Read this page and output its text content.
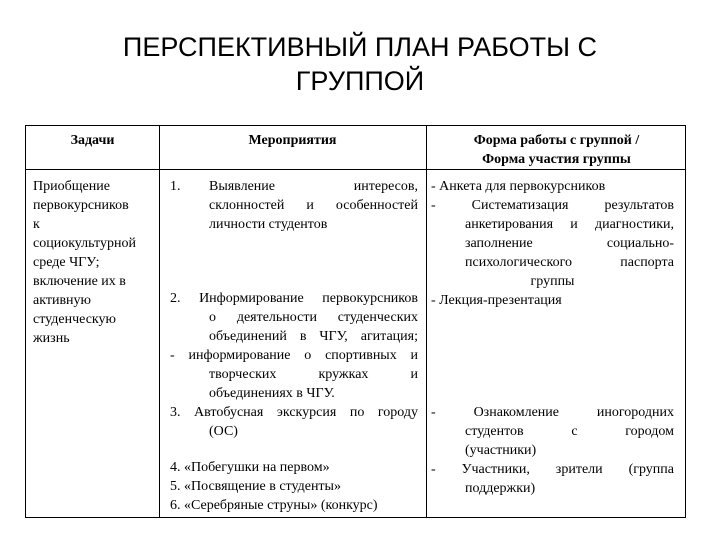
ПЕРСПЕКТИВНЫЙ ПЛАН РАБОТЫ С
ГРУППОЙ
Задачи	Мероприятия	Форма работы с группой /
Форма участия группы
Приобщение
первокурсников
к
социокультурной
среде ЧГУ;
включение их в
активную
студенческую
жизнь
1. Выявление интересов,
склонностей и особенностей
личности студентов
2. Информирование первокурсников
о деятельности студенческих
объединений в ЧГУ, агитация;
- информирование о спортивных и
творческих кружках и
объединениях в ЧГУ.
3. Автобусная экскурсия по городу
(ОС)
4. «Побегушки на первом»
5. «Посвящение в студенты»
6. «Серебряные струны» (конкурс)
- Анкета для первокурсников
- Систематизация результатов
анкетирования и диагностики,
заполнение социально-
психологического паспорта
группы
- Лекция-презентация
- Ознакомление иногородних
студентов с городом
(участники)
- Участники, зрители (группа
поддержки)
